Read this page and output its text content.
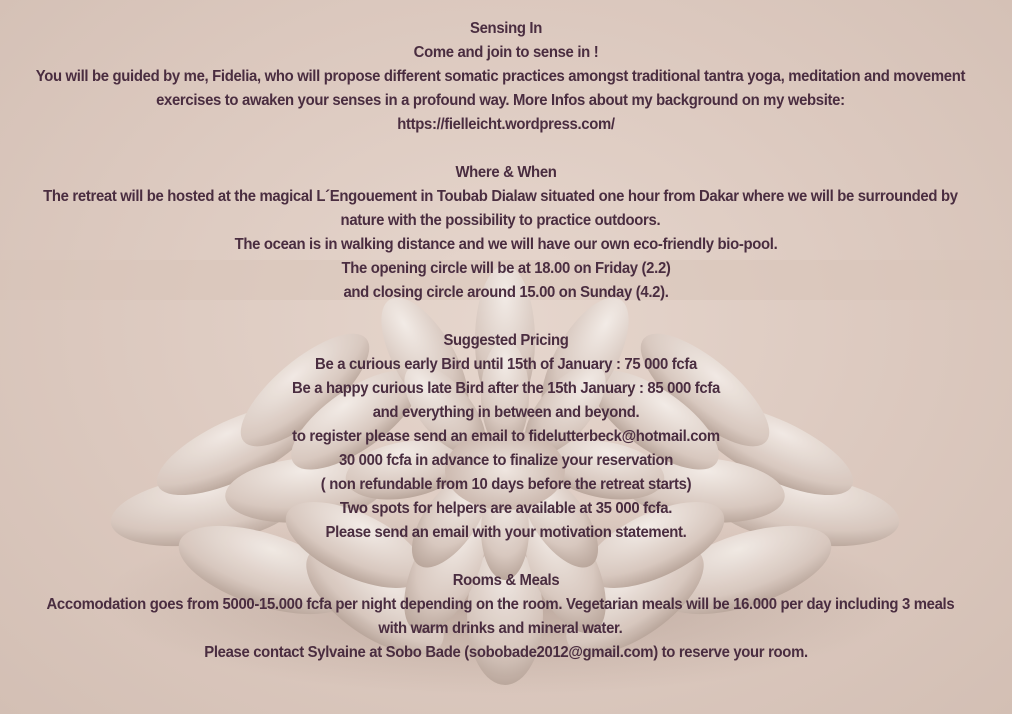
Sensing In

Come and join to sense in !

You will be guided by me, Fidelia, who will propose different somatic practices amongst traditional tantra yoga, meditation and movement exercises to awaken your senses in a profound way. More Infos about my background on my website:

https://fielleicht.wordpress.com/

Where & When

The retreat will be hosted at the magical L´Engouement in Toubab Dialaw situated one hour from Dakar where we will be surrounded by nature with the possibility to practice outdoors.

The ocean is in walking distance and we will have our own eco-friendly bio-pool.

The opening circle will be at 18.00 on Friday (2.2)

and closing circle around 15.00 on Sunday (4.2).

Suggested Pricing

Be a curious early Bird until 15th of January : 75 000 fcfa

Be a happy curious late Bird after the 15th January : 85 000 fcfa

and everything in between and beyond.

to register please send an email to fidelutterbeck@hotmail.com

30 000 fcfa in advance to finalize your reservation

( non refundable from 10 days before the retreat starts)

Two spots for helpers are available at 35 000 fcfa.

Please send an email with your motivation statement.

Rooms & Meals

Accomodation goes from 5000-15.000 fcfa per night depending on the room. Vegetarian meals will be 16.000 per day including 3 meals with warm drinks and mineral water.

Please contact Sylvaine at Sobo Bade (sobobade2012@gmail.com) to reserve your room.
